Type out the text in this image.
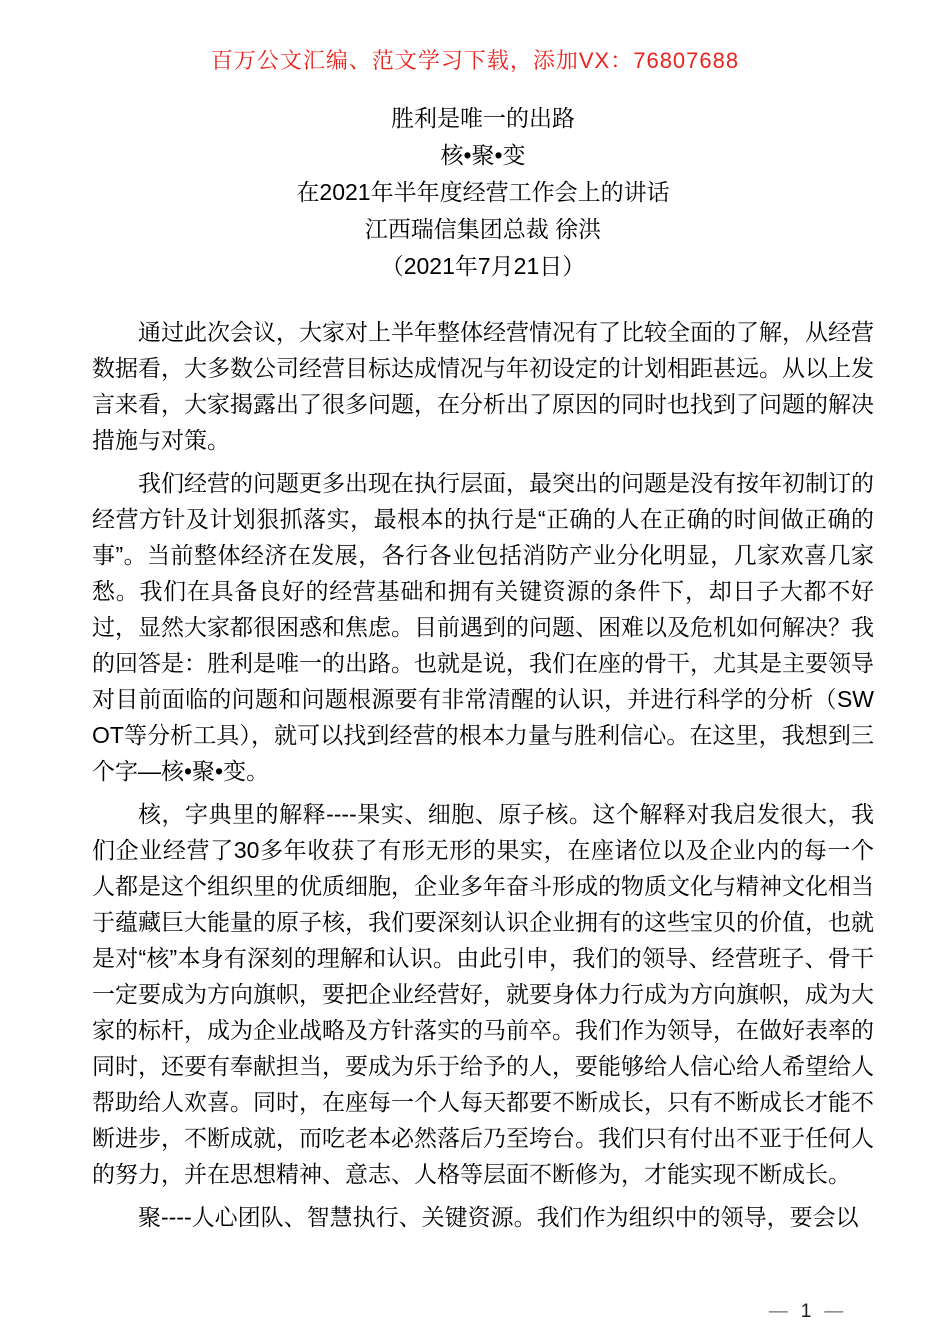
百万公文汇编、范文学习下载，添加VX：76807688
胜利是唯一的出路
核•聚•变
在2021年半年度经营工作会上的讲话
江西瑞信集团总裁 徐洪
（2021年7月21日）

通过此次会议，大家对上半年整体经营情况有了比较全面的了解，从经营数据看，大多数公司经营目标达成情况与年初设定的计划相距甚远。从以上发言来看，大家揭露出了很多问题，在分析出了原因的同时也找到了问题的解决措施与对策。

我们经营的问题更多出现在执行层面，最突出的问题是没有按年初制订的经营方针及计划狠抓落实，最根本的执行是“正确的人在正确的时间做正确的事”。当前整体经济在发展，各行各业包括消防产业分化明显，几家欢喜几家愁。我们在具备良好的经营基础和拥有关键资源的条件下，却日子大都不好过，显然大家都很困惑和焦虑。目前遇到的问题、困难以及危机如何解决？我的回答是：胜利是唯一的出路。也就是说，我们在座的骨干，尤其是主要领导对目前面临的问题和问题根源要有非常清醒的认识，并进行科学的分析（SWOT等分析工具），就可以找到经营的根本力量与胜利信心。在这里，我想到三个字—核•聚•变。

核，字典里的解释----果实、细胞、原子核。这个解释对我启发很大，我们企业经营了30多年收获了有形无形的果实，在座诸位以及企业内的每一个人都是这个组织里的优质细胞，企业多年奋斗形成的物质文化与精神文化相当于蕴藏巨大能量的原子核，我们要深刻认识企业拥有的这些宝贝的价值，也就是对“核”本身有深刻的理解和认识。由此引申，我们的领导、经营班子、骨干一定要成为方向旗帜，要把企业经营好，就要身体力行成为方向旗帜，成为大家的标杆，成为企业战略及方针落实的马前卒。我们作为领导，在做好表率的同时，还要有奉献担当，要成为乐于给予的人，要能够给人信心给人希望给人帮助给人欢喜。同时，在座每一个人每天都要不断成长，只有不断成长才能不断进步，不断成就，而吃老本必然落后乃至垮台。我们只有付出不亚于任何人的努力，并在思想精神、意志、人格等层面不断修为，才能实现不断成长。

聚----人心团队、智慧执行、关键资源。我们作为组织中的领导，要会以

— 1 —
